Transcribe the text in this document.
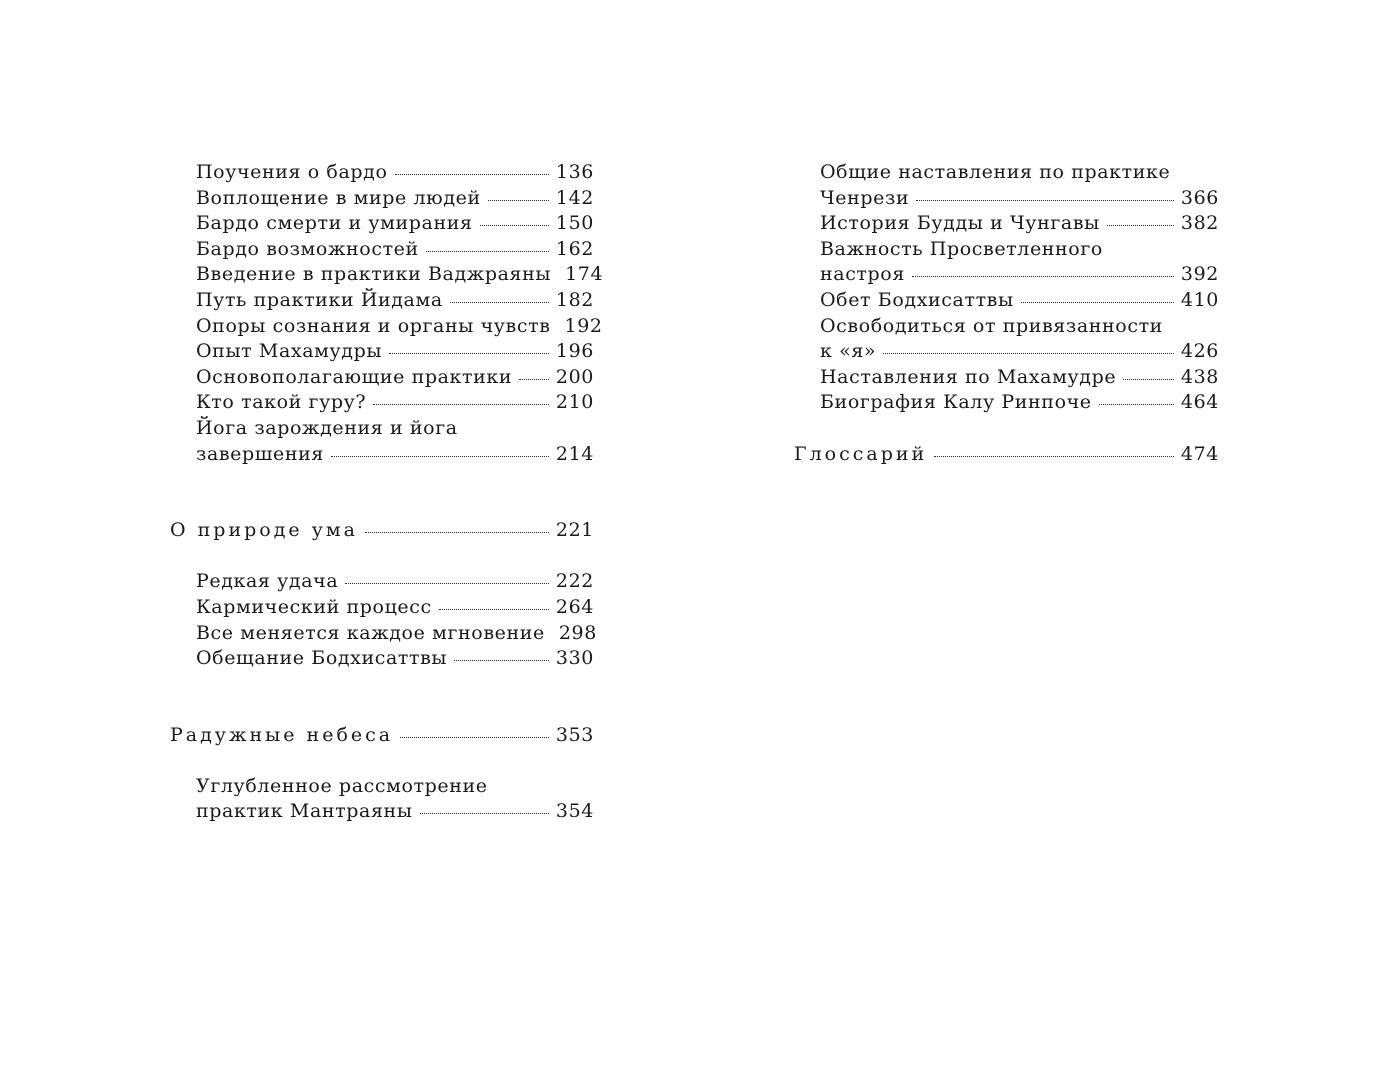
Поучения о бардо	136
Воплощение в мире людей	142
Бардо смерти и умирания	150
Бардо возможностей	162
Введение в практики Ваджраяны 174
Путь практики Йидама	182
Опоры сознания и органы чувств 192
Опыт Махамудры	196
Основополагающие практики 200
Кто такой гуру?	210
Йога зарождения и йога
завершения	214
О природе ума	221
Редкая удача	222
Кармический процесс	264
Все меняется каждое мгновение 298
Обещание Бодхисаттвы	330
Радужные небеса	353
Углубленное рассмотрение
практик Мантраяны	354
Общие наставления по практике
Ченрези	366
История Будды и Чунгавы	382
Важность Просветленного
настроя	392
Обет Бодхисаттвы	410
Освободиться от привязанности
к «я»	426
Наставления по Махамудре	438
Биография Калу Ринпоче	464
Глоссарий	474
